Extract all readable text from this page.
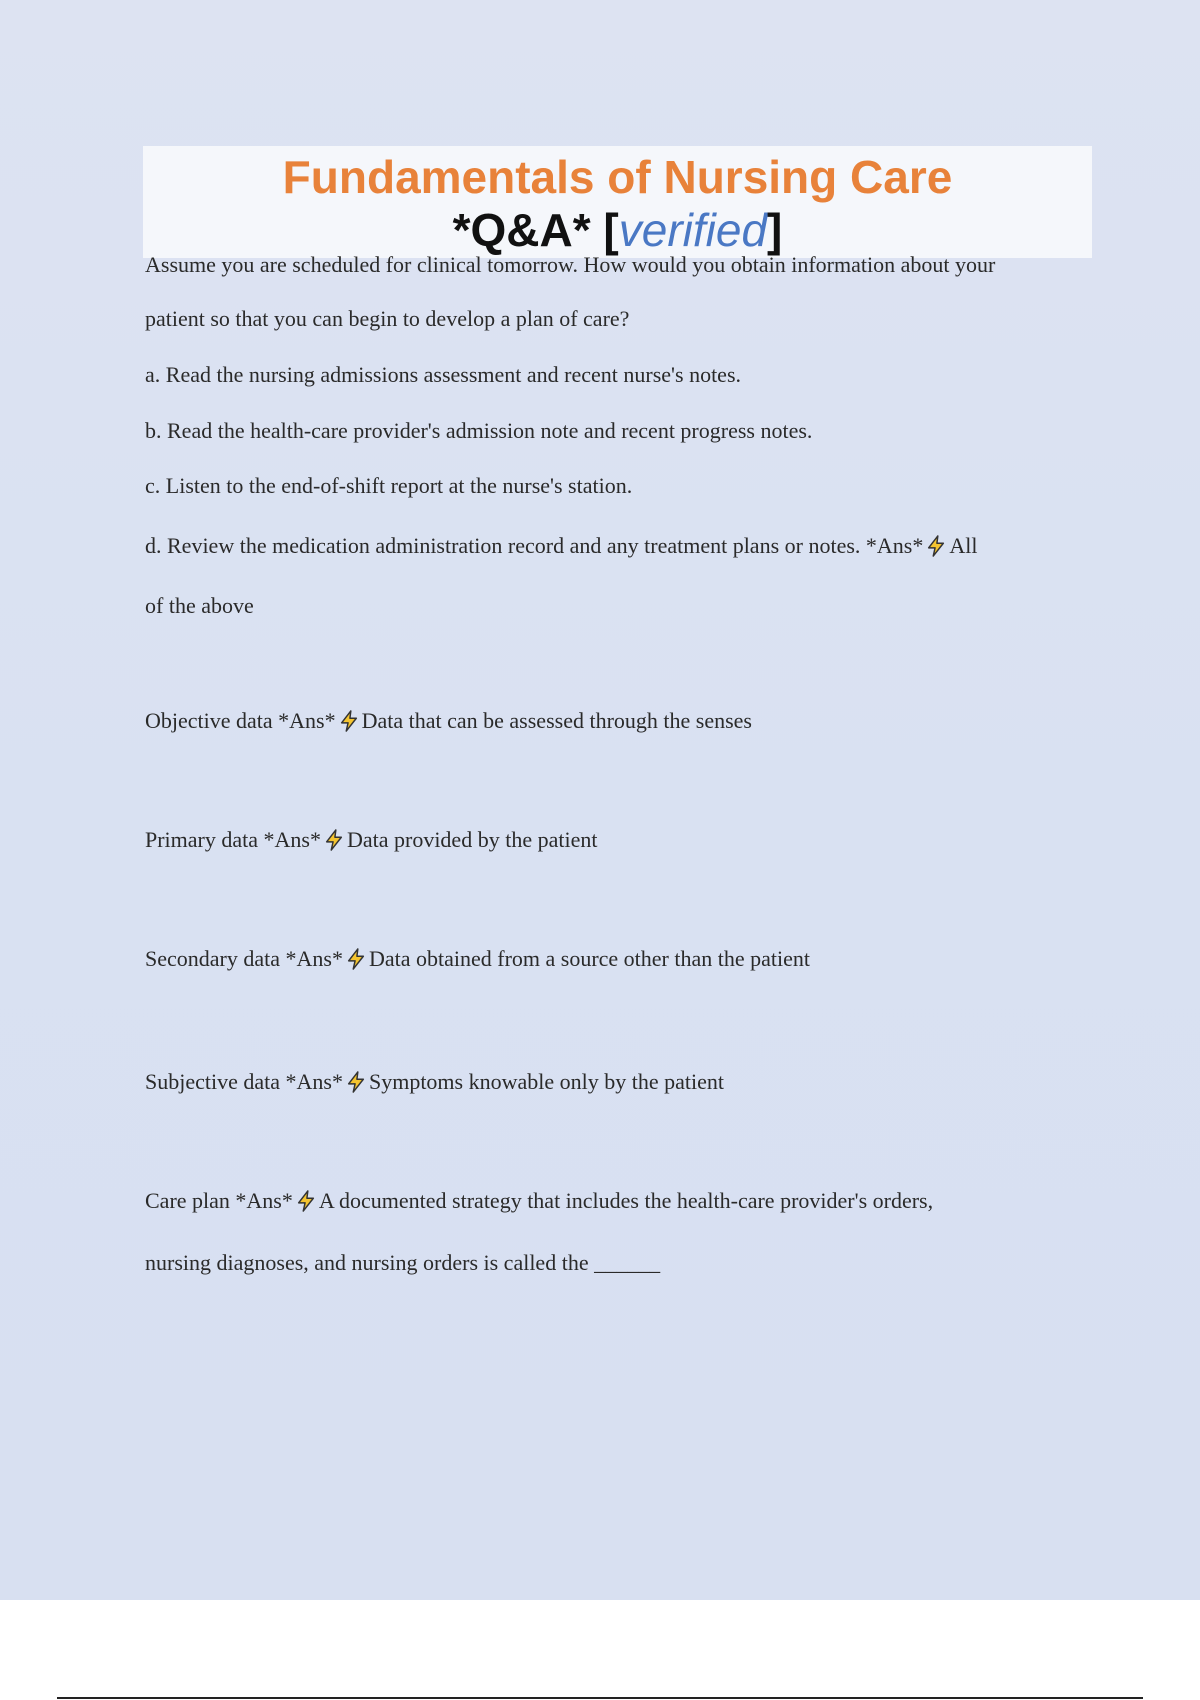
Fundamentals of Nursing Care
*Q&A* [verified]
Assume you are scheduled for clinical tomorrow. How would you obtain information about your
patient so that you can begin to develop a plan of care?
a. Read the nursing admissions assessment and recent nurse's notes.
b. Read the health-care provider's admission note and recent progress notes.
c. Listen to the end-of-shift report at the nurse's station.
d. Review the medication administration record and any treatment plans or notes. *Ans* All
of the above
Objective data *Ans* Data that can be assessed through the senses
Primary data *Ans* Data provided by the patient
Secondary data *Ans* Data obtained from a source other than the patient
Subjective data *Ans* Symptoms knowable only by the patient
Care plan *Ans* A documented strategy that includes the health-care provider's orders,
nursing diagnoses, and nursing orders is called the ______
